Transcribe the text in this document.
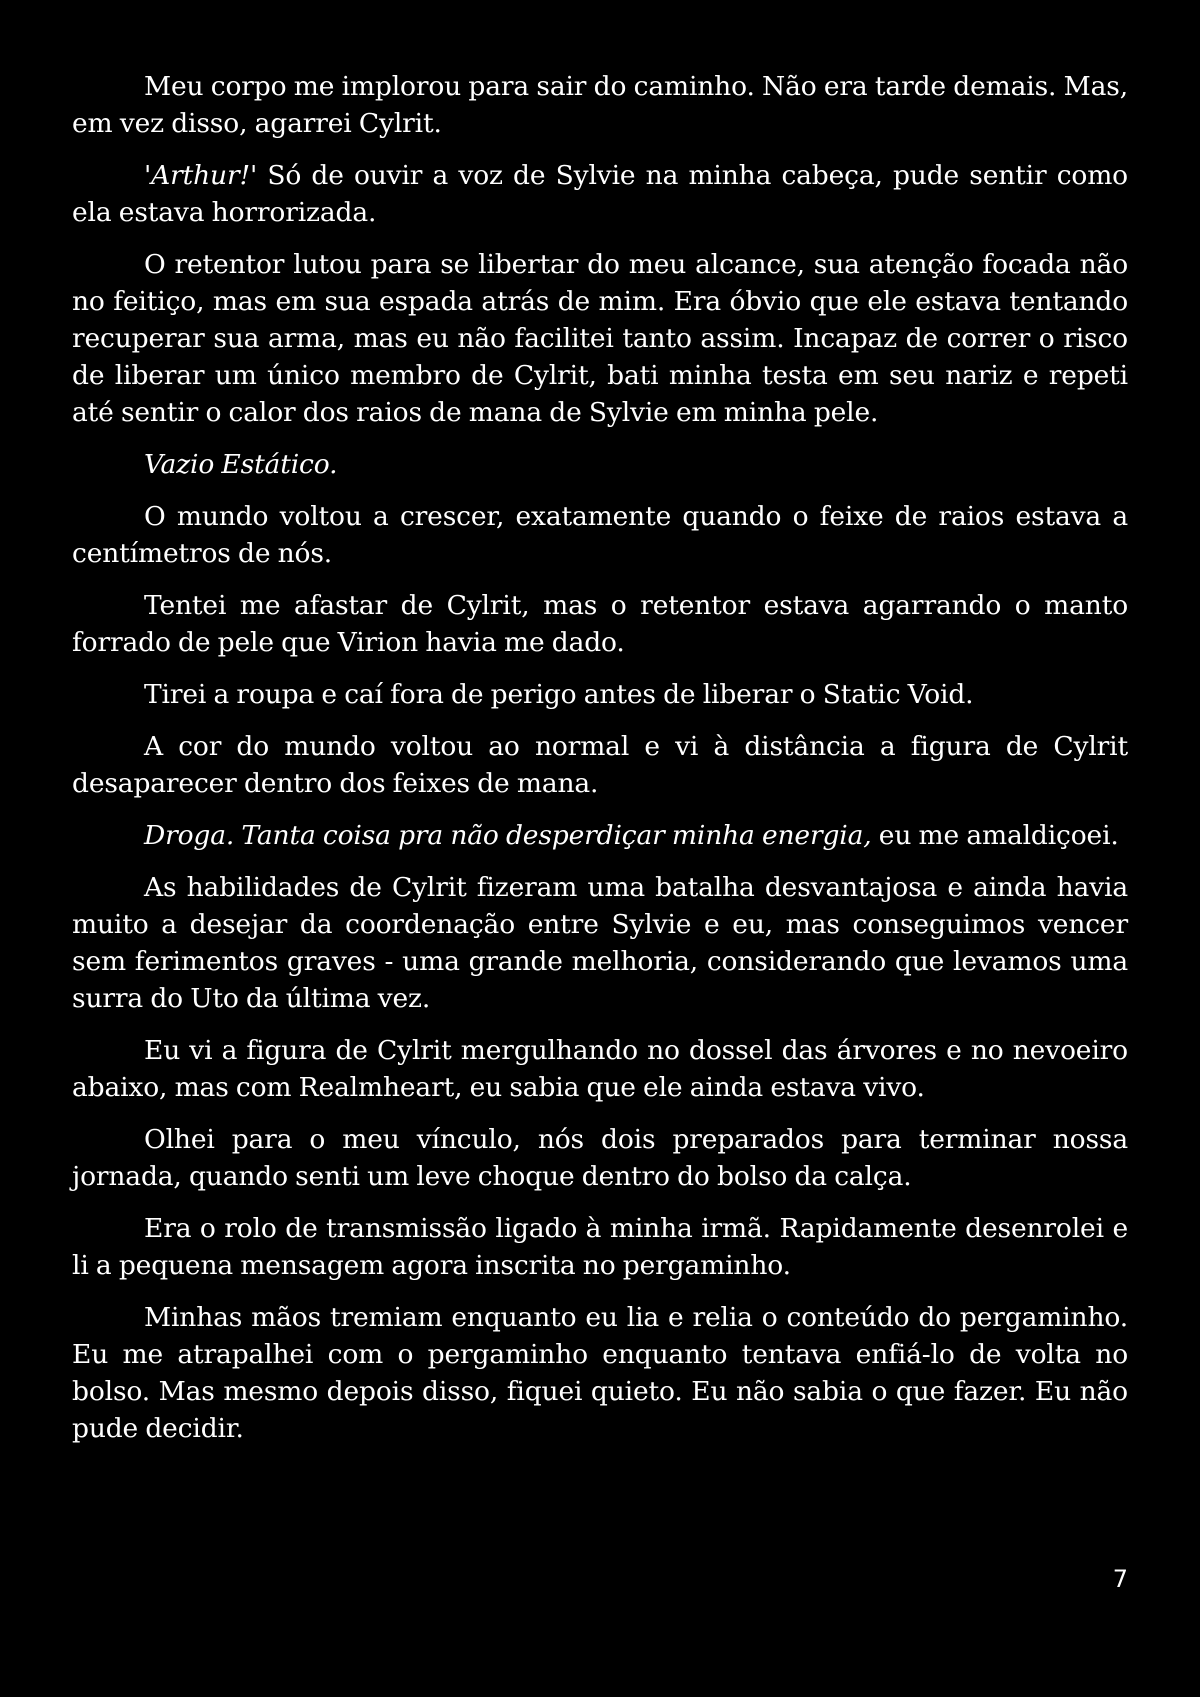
Meu corpo me implorou para sair do caminho. Não era tarde demais. Mas, em vez disso, agarrei Cylrit.

'Arthur!' Só de ouvir a voz de Sylvie na minha cabeça, pude sentir como ela estava horrorizada.

O retentor lutou para se libertar do meu alcance, sua atenção focada não no feitiço, mas em sua espada atrás de mim. Era óbvio que ele estava tentando recuperar sua arma, mas eu não facilitei tanto assim. Incapaz de correr o risco de liberar um único membro de Cylrit, bati minha testa em seu nariz e repeti até sentir o calor dos raios de mana de Sylvie em minha pele.

Vazio Estático.

O mundo voltou a crescer, exatamente quando o feixe de raios estava a centímetros de nós.

Tentei me afastar de Cylrit, mas o retentor estava agarrando o manto forrado de pele que Virion havia me dado.

Tirei a roupa e caí fora de perigo antes de liberar o Static Void.

A cor do mundo voltou ao normal e vi à distância a figura de Cylrit desaparecer dentro dos feixes de mana.

Droga. Tanta coisa pra não desperdiçar minha energia, eu me amaldiçoei.

As habilidades de Cylrit fizeram uma batalha desvantajosa e ainda havia muito a desejar da coordenação entre Sylvie e eu, mas conseguimos vencer sem ferimentos graves - uma grande melhoria, considerando que levamos uma surra do Uto da última vez.

Eu vi a figura de Cylrit mergulhando no dossel das árvores e no nevoeiro abaixo, mas com Realmheart, eu sabia que ele ainda estava vivo.

Olhei para o meu vínculo, nós dois preparados para terminar nossa jornada, quando senti um leve choque dentro do bolso da calça.

Era o rolo de transmissão ligado à minha irmã. Rapidamente desenrolei e li a pequena mensagem agora inscrita no pergaminho.

Minhas mãos tremiam enquanto eu lia e relia o conteúdo do pergaminho. Eu me atrapalhei com o pergaminho enquanto tentava enfiá-lo de volta no bolso. Mas mesmo depois disso, fiquei quieto. Eu não sabia o que fazer. Eu não pude decidir.

7
